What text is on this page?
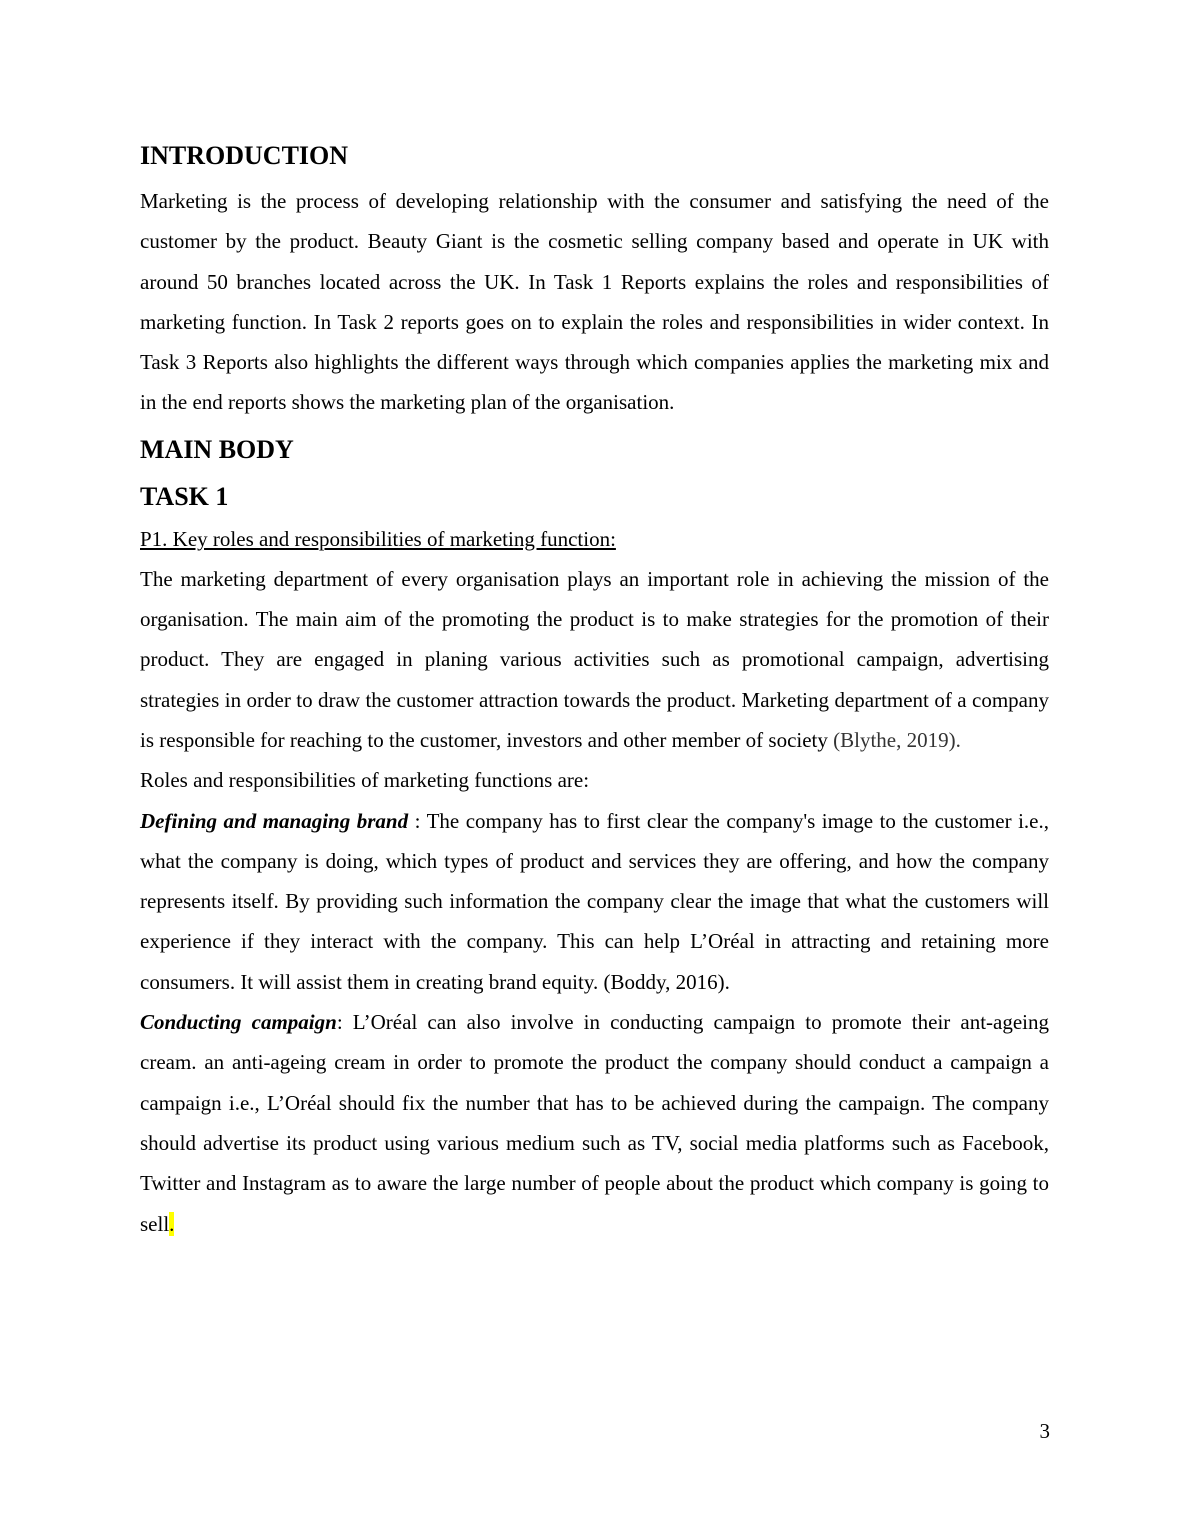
INTRODUCTION

Marketing is the process of developing relationship with the consumer and satisfying the need of the customer by the product. Beauty Giant is the cosmetic selling company based and operate in UK with around 50 branches located across the UK. In Task 1 Reports explains the roles and responsibilities of marketing function. In Task 2 reports goes on to explain the roles and responsibilities in wider context. In Task 3 Reports also highlights the different ways through which companies applies the marketing mix and in the end reports shows the marketing plan of the organisation.

MAIN BODY
TASK 1

P1. Key roles and responsibilities of marketing function:

The marketing department of every organisation plays an important role in achieving the mission of the organisation. The main aim of the promoting the product is to make strategies for the promotion of their product. They are engaged in planing various activities such as promotional campaign, advertising strategies in order to draw the customer attraction towards the product. Marketing department of a company is responsible for reaching to the customer, investors and other member of society (Blythe, 2019).

Roles and responsibilities of marketing functions are:

Defining and managing brand : The company has to first clear the company's image to the customer i.e., what the company is doing, which types of product and services they are offering, and how the company represents itself. By providing such information the company clear the image that what the customers will experience if they interact with the company. This can help L’Oréal in attracting and retaining more consumers. It will assist them in creating brand equity. (Boddy, 2016).

Conducting campaign: L’Oréal can also involve in conducting campaign to promote their ant-ageing cream. an anti-ageing cream in order to promote the product the company should conduct a campaign a campaign i.e., L’Oréal should fix the number that has to be achieved during the campaign. The company should advertise its product using various medium such as TV, social media platforms such as Facebook, Twitter and Instagram as to aware the large number of people about the product which company is going to sell.

3
